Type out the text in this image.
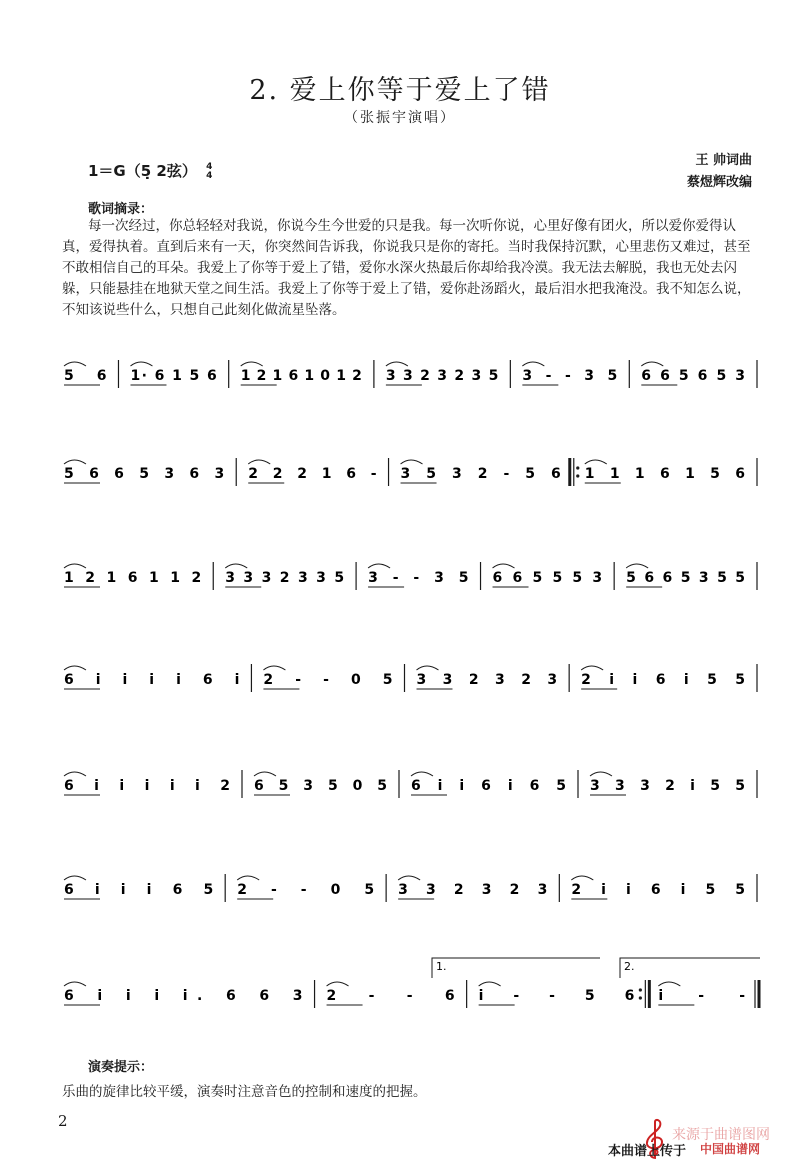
2. 爱上你等于爱上了错
（张振宇演唱）
1＝G（5̣ 2弦） 4
4
王 帅词曲
蔡煜辉改编
歌词摘录：
每一次经过，你总轻轻对我说，你说今生今世爱的只是我。每一次听你说，心里好像有团火，所以爱你爱得认真，爱得执着。直到后来有一天，你突然间告诉我，你说我只是你的寄托。当时我保持沉默，心里悲伤又难过，甚至不敢相信自己的耳朵。我爱上了你等于爱上了错，爱你水深火热最后你却给我冷漠。我无法去解脱，我也无处去闪躲，只能悬挂在地狱天堂之间生活。我爱上了你等于爱上了错，爱你赴汤蹈火，最后泪水把我淹没。我不知怎么说，不知该说些什么，只想自己此刻化做流星坠落。
5 6 1· 6 1 5 6 1 2 1 6 1 0 1 2 3 3 2 3 2 3 5 3 - - 3 5 6 6 5 6 5 3
5 6 6 5 3 6 3 2 2 2 1 6 - 3 5 3 2 - 5 6 1 1 1 6 1 5 6
1 2 1 6 1 1 2 3 3 3 2 3 3 5 3 - - 3 5 6 6 5 5 5 3 5 6 6 5 3 5 5
6 i i i i 6 i 2 - - 0 5 3 3 2 3 2 3 2 i i 6 i 5 5
6 i i i i i 2 6 5 3 5 0 5 6 i i 6 i 6 5 3 3 3 2 i 5 5
6 i i i 6 5 2 - - 0 5 3 3 2 3 2 3 2 i i 6 i 5 5
6 i i i i. 6 6 3 2 - - 6 i - - 5 6 i - -
1.	2.
演奏提示：
乐曲的旋律比较平缓，演奏时注意音色的控制和速度的把握。
2
来源于曲谱图网
本曲谱上传于 中国曲谱网
